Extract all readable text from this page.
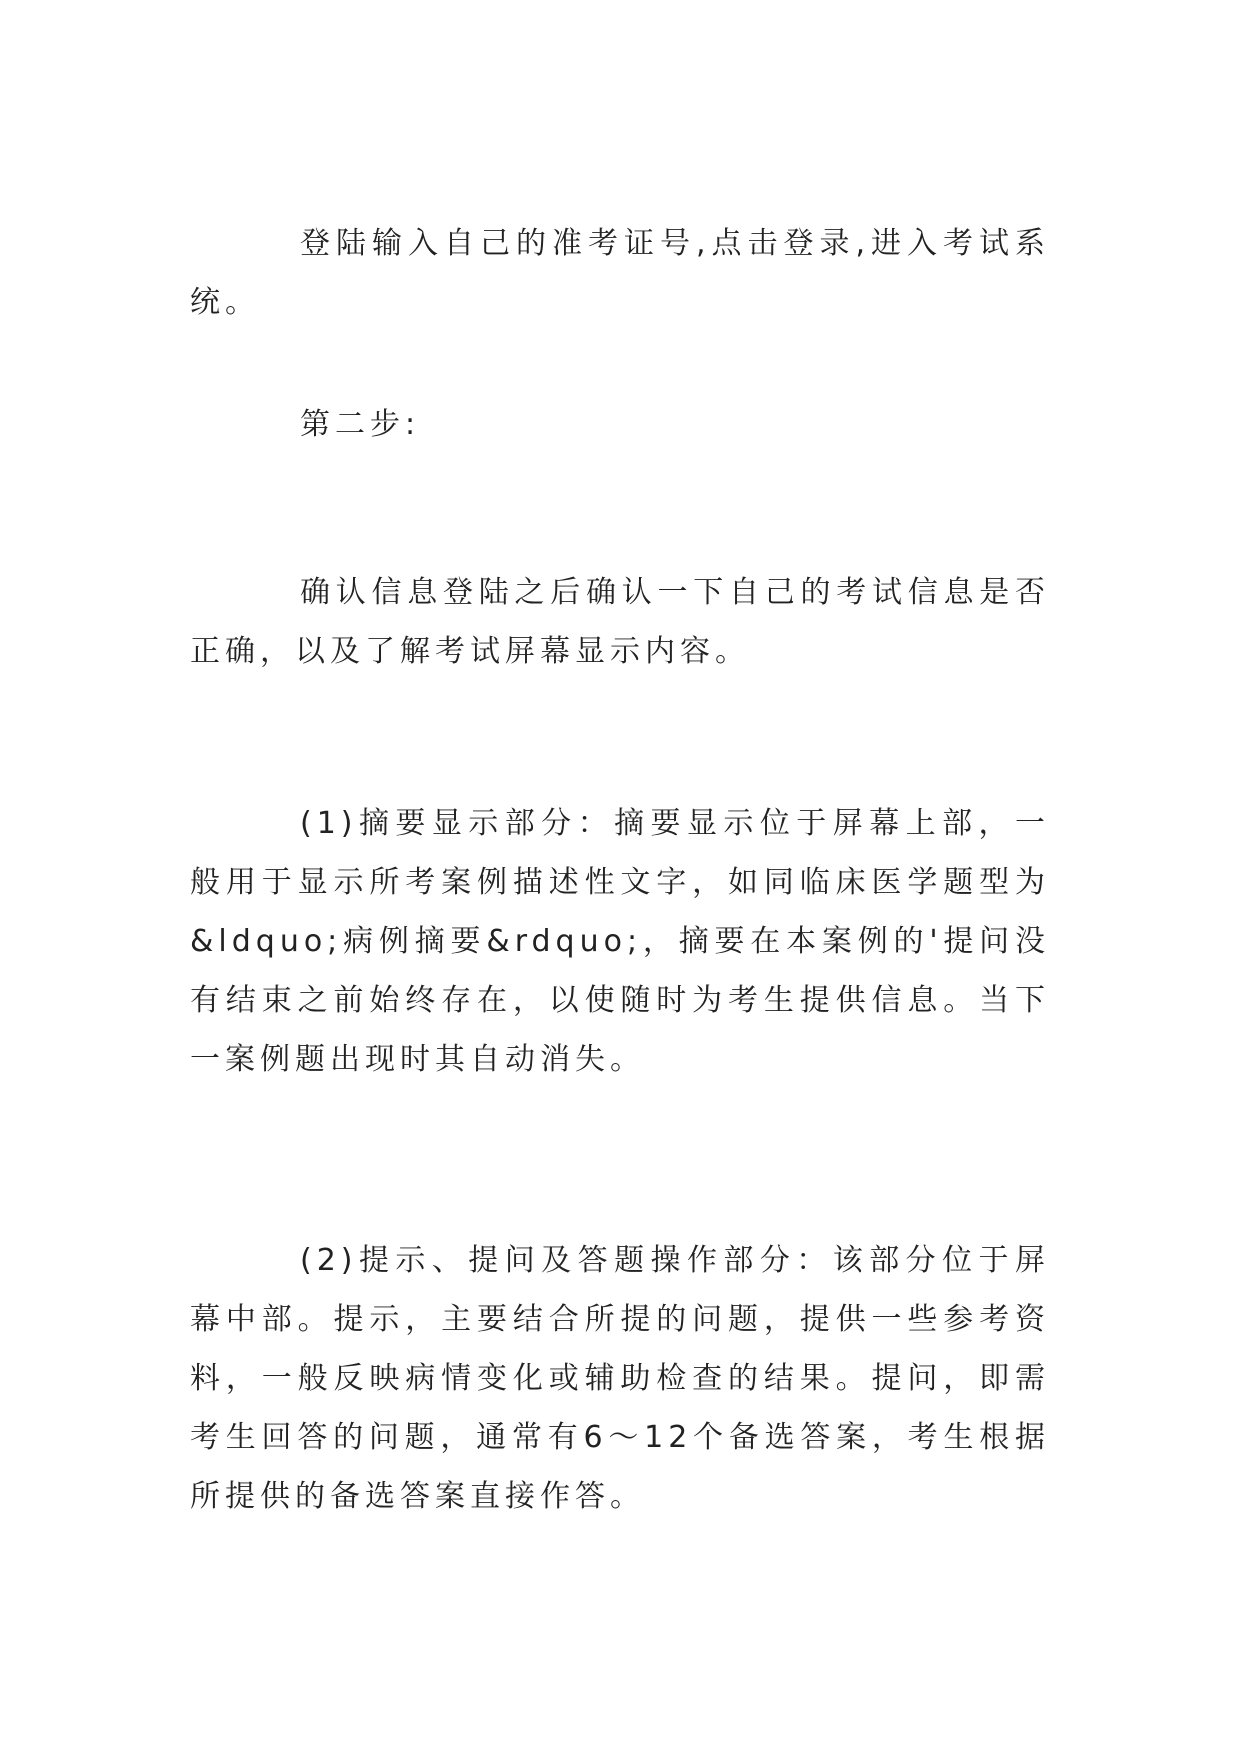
登陆输入自己的准考证号,点击登录,进入考试系统。

第二步:

确认信息登陆之后确认一下自己的考试信息是否正确，以及了解考试屏幕显示内容。

(1)摘要显示部分：摘要显示位于屏幕上部，一般用于显示所考案例描述性文字，如同临床医学题型为&ldquo;病例摘要&rdquo;，摘要在本案例的'提问没有结束之前始终存在，以使随时为考生提供信息。当下一案例题出现时其自动消失。

(2)提示、提问及答题操作部分：该部分位于屏幕中部。提示，主要结合所提的问题，提供一些参考资料，一般反映病情变化或辅助检查的结果。提问，即需考生回答的问题，通常有6～12个备选答案，考生根据所提供的备选答案直接作答。
